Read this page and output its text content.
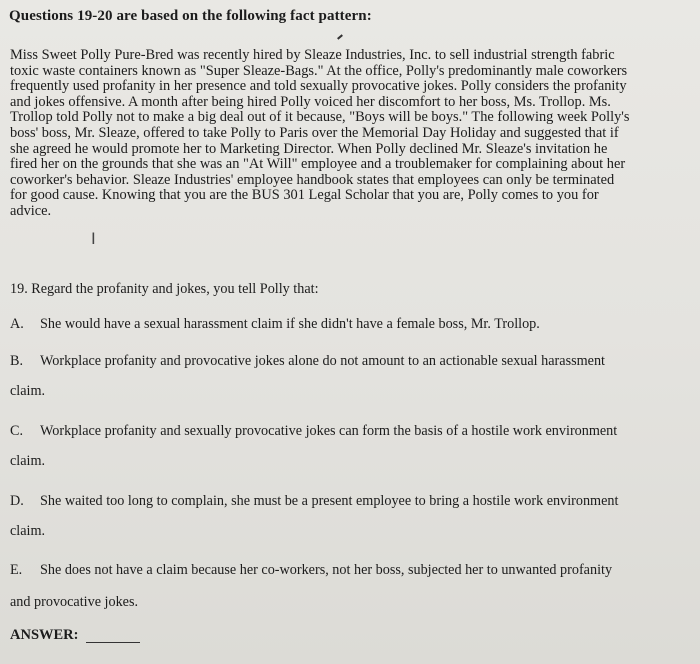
Questions 19-20 are based on the following fact pattern:
Miss Sweet Polly Pure-Bred was recently hired by Sleaze Industries, Inc. to sell industrial strength fabric
toxic waste containers known as "Super Sleaze-Bags." At the office, Polly's predominantly male coworkers
frequently used profanity in her presence and told sexually provocative jokes. Polly considers the profanity
and jokes offensive. A month after being hired Polly voiced her discomfort to her boss, Ms. Trollop. Ms.
Trollop told Polly not to make a big deal out of it because, "Boys will be boys." The following week Polly's
boss' boss, Mr. Sleaze, offered to take Polly to Paris over the Memorial Day Holiday and suggested that if
she agreed he would promote her to Marketing Director. When Polly declined Mr. Sleaze's invitation he
fired her on the grounds that she was an "At Will" employee and a troublemaker for complaining about her
coworker's behavior. Sleaze Industries' employee handbook states that employees can only be terminated
for good cause. Knowing that you are the BUS 301 Legal Scholar that you are, Polly comes to you for
advice.
I
19. Regard the profanity and jokes, you tell Polly that:
A. She would have a sexual harassment claim if she didn't have a female boss, Mr. Trollop.
B. Workplace profanity and provocative jokes alone do not amount to an actionable sexual harassment
claim.
C. Workplace profanity and sexually provocative jokes can form the basis of a hostile work environment
claim.
D. She waited too long to complain, she must be a present employee to bring a hostile work environment
claim.
E. She does not have a claim because her co-workers, not her boss, subjected her to unwanted profanity
and provocative jokes.
ANSWER:
